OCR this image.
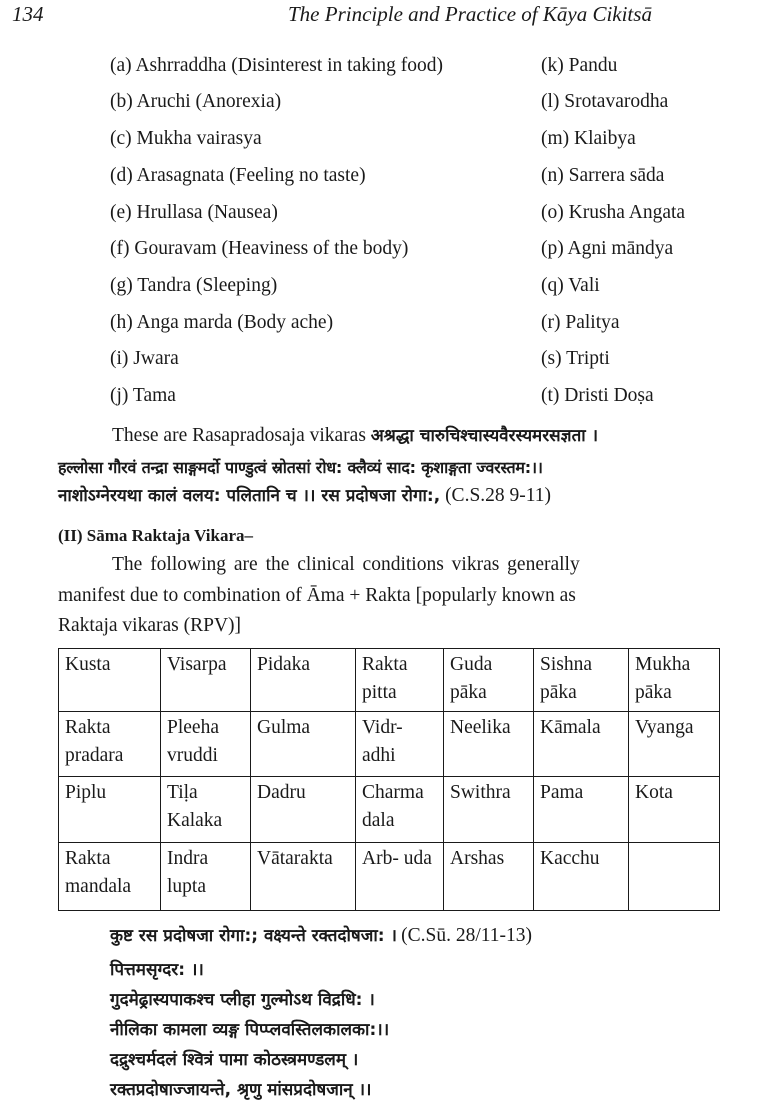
134	The Principle and Practice of Kāya Cikitsā
(a) Ashrraddha (Disinterest in taking food)
(b) Aruchi (Anorexia)
(c) Mukha vairasya
(d) Arasagnata (Feeling no taste)
(e) Hrullasa (Nausea)
(f) Gouravam (Heaviness of the body)
(g) Tandra (Sleeping)
(h) Anga marda (Body ache)
(i) Jwara
(j) Tama
(k) Pandu
(l) Srotavarodha
(m) Klaibya
(n) Sarrera sāda
(o) Krusha Angata
(p) Agni māndya
(q) Vali
(r) Palitya
(s) Tripti
(t) Dristi Doṣa
These are Rasapradosaja vikaras अश्रद्धा चारुचिश्चास्यवैरस्यमरसज्ञता ।
हल्लोसा गौरवं तन्द्रा साङ्गमर्दो पाण्डुत्वं स्रोतसां रोध: क्लैव्यं साद: कृशाङ्गता ज्वरस्तम:।।
नाशोऽग्नेरयथा कालं वलय: पलितानि च ।। रस प्रदोषजा रोगा:, (C.S.28 9-11)
(II) Sāma Raktaja Vikara–
The following are the clinical conditions vikras generally
manifest due to combination of Āma + Rakta [popularly known as
Raktaja vikaras (RPV)]
Kusta	Visarpa	Pidaka	Rakta pitta	Guda pāka	Sishna pāka	Mukha pāka
Rakta pradara	Pleeha vruddi	Gulma	Vidr- adhi	Neelika	Kāmala	Vyanga
Piplu	Tiḷa Kalaka	Dadru	Charma dala	Swithra	Pama	Kota
Rakta mandala	Indra lupta	Vātarakta	Arb- uda	Arshas	Kacchu	
कुष्ट रस प्रदोषजा रोगा:; वक्ष्यन्ते रक्तदोषजा: । (C.Sū. 28/11-13)
पित्तमसृग्दर: ।।
गुदमेढ्रास्यपाकश्च प्लीहा गुल्मोऽथ विद्रधि: ।
नीलिका कामला व्यङ्ग पिप्प्लवस्तिलकालका:।।
दद्रुश्चर्मदलं श्वित्रं पामा कोठस्त्रमण्डलम् ।
रक्तप्रदोषाज्जायन्ते, श्रृणु मांसप्रदोषजान् ।।
